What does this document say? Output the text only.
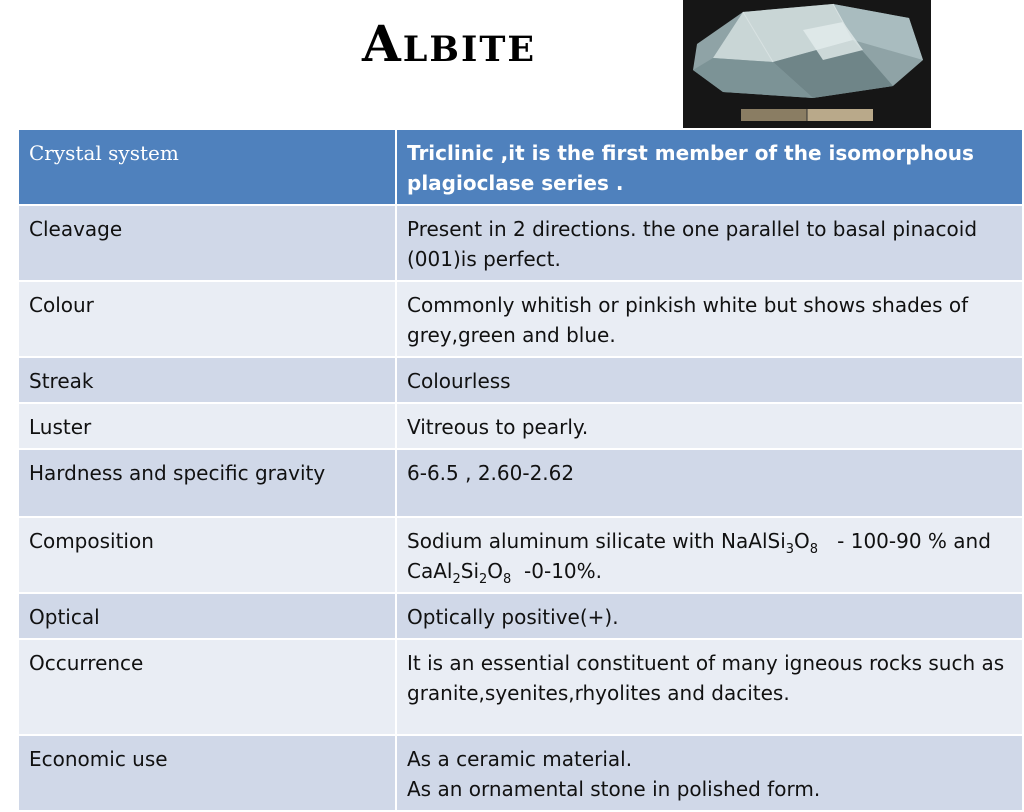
Albite
Crystal system	Triclinic ,it is the first member of the isomorphous plagioclase series .
Cleavage	Present in 2 directions. the one parallel to basal pinacoid (001)is perfect.
Colour	Commonly whitish or pinkish white but shows shades of grey,green and blue.
Streak	Colourless
Luster	Vitreous to pearly.
Hardness and specific gravity	6-6.5 , 2.60-2.62
Composition	Sodium aluminum silicate with $NaAlSi_3O_8 - 100-90$ % and
$CaAl_2Si_2O_8$  -0-10%.

Optical	Optically positive(+).
Occurrence	It is an essential constituent of many igneous rocks such as granite,syenites,rhyolites and dacites.
Economic use	As a ceramic material.
As an ornamental stone in polished form.
